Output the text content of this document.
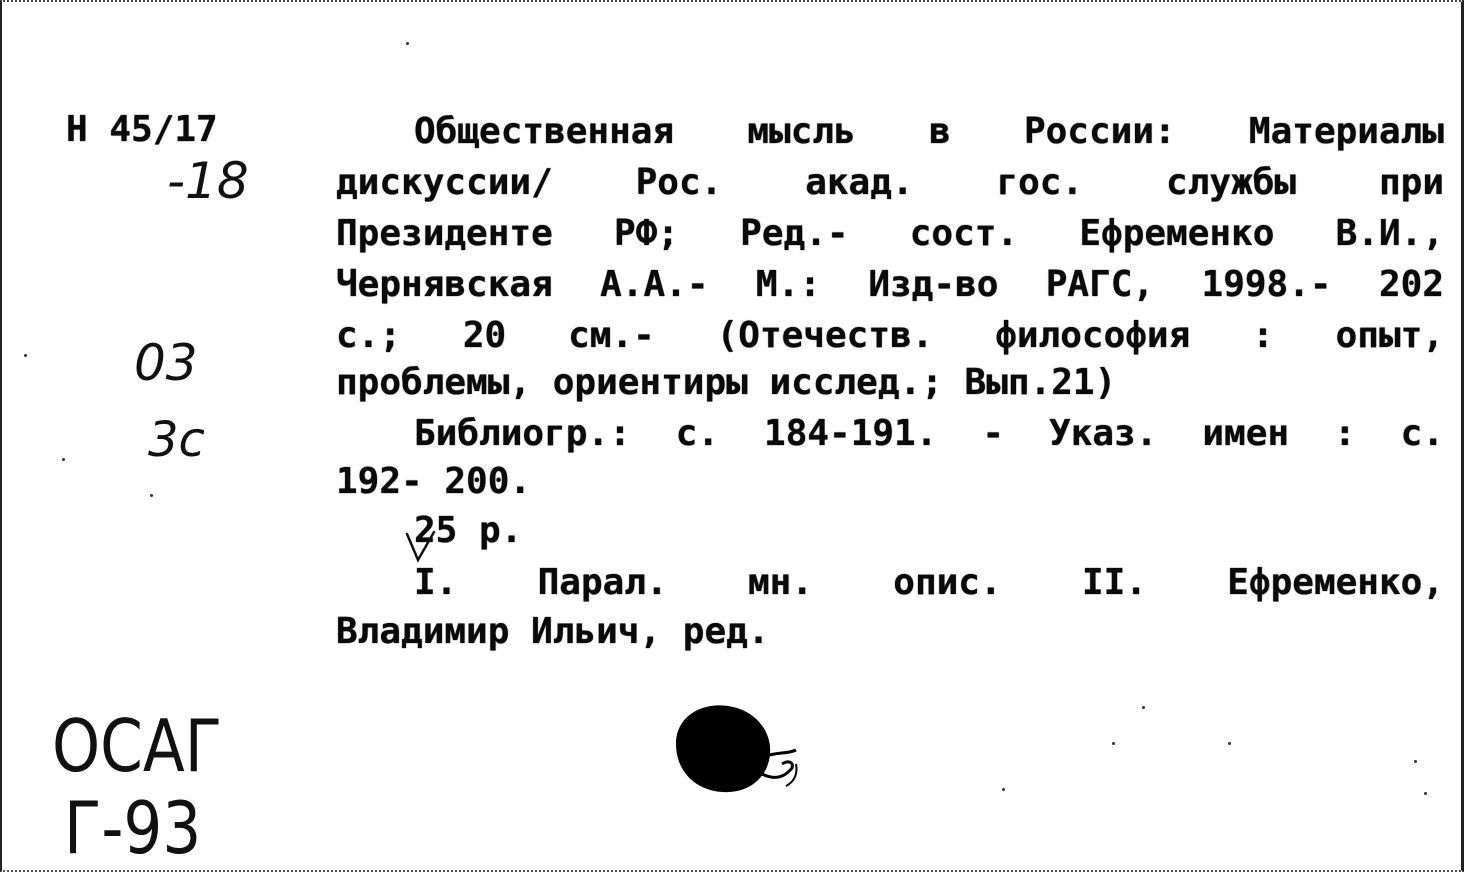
Н 45/17
-18
03
3с
ОСАГ
Г-93
Общественная мысль в России: Материалы
дискуссии/ Рос. акад. гос. службы при
Президенте РФ; Ред.- сост. Ефременко В.И.,
Чернявская А.А.- М.: Изд-во РАГС, 1998.- 202
с.; 20 см.- (Отечеств. философия : опыт,
проблемы, ориентиры исслед.; Вып.21)
Библиогр.: с. 184-191. - Указ. имен : с.
192- 200.
25 р.
I. Парал. мн. опис. II. Ефременко,
Владимир Ильич, ред.
